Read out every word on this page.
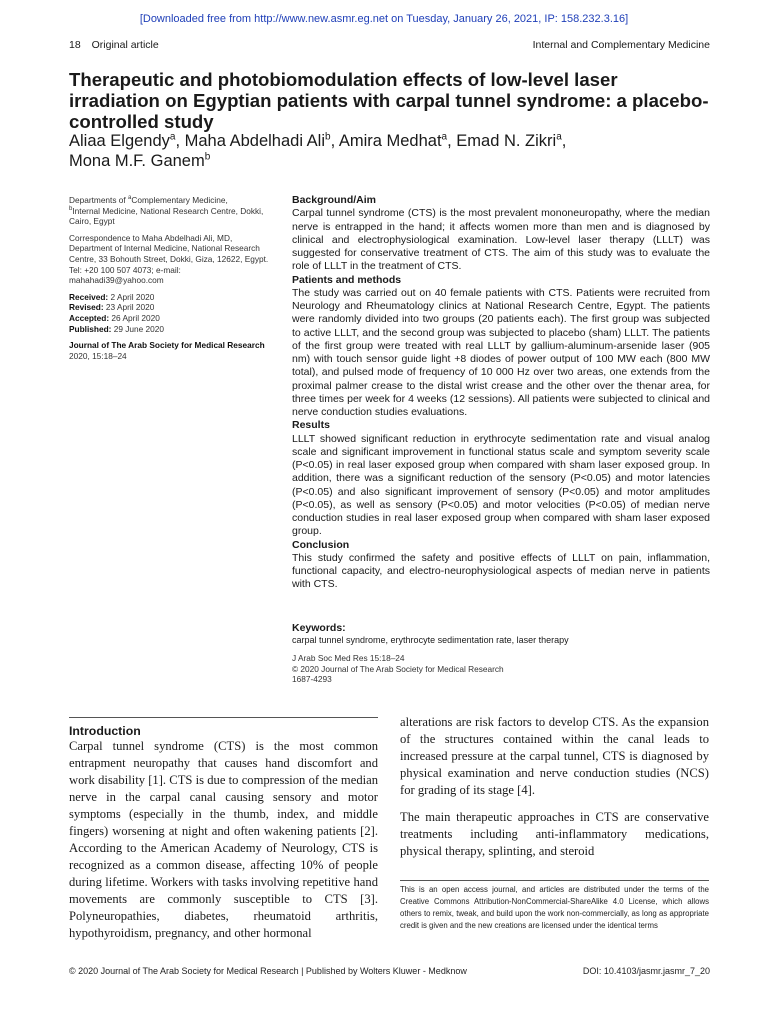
[Downloaded free from http://www.new.asmr.eg.net on Tuesday, January 26, 2021, IP: 158.232.3.16]
18 Original article	Internal and Complementary Medicine
Therapeutic and photobiomodulation effects of low-level laser irradiation on Egyptian patients with carpal tunnel syndrome: a placebo-controlled study
Aliaa Elgendy$^a$, Maha Abdelhadi Ali$^b$, Amira Medhat$^a$, Emad N. Zikri$^a$,
Mona M.F. Ganem$^b$

Departments of $^a$Complementary Medicine,
$^b$Internal Medicine, National Research Centre, Dokki, Cairo, Egypt

Correspondence to Maha Abdelhadi Ali, MD, Department of Internal Medicine, National Research Centre, 33 Bohouth Street, Dokki, Giza, 12622, Egypt. Tel: +20 100 507 4073; e-mail: mahahadi39@yahoo.com

Received: 2 April 2020
Revised: 23 April 2020
Accepted: 26 April 2020
Published: 29 June 2020

Journal of The Arab Society for Medical Research 2020, 15:18–24

Background/Aim
Carpal tunnel syndrome (CTS) is the most prevalent mononeuropathy, where the median nerve is entrapped in the hand; it affects women more than men and is diagnosed by clinical and electrophysiological examination. Low-level laser therapy (LLLT) was suggested for conservative treatment of CTS. The aim of this study was to evaluate the role of LLLT in the treatment of CTS.
Patients and methods
The study was carried out on 40 female patients with CTS. Patients were recruited from Neurology and Rheumatology clinics at National Research Centre, Egypt. The patients were randomly divided into two groups (20 patients each). The first group was subjected to active LLLT, and the second group was subjected to placebo (sham) LLLT. The patients of the first group were treated with real LLLT by gallium-aluminum-arsenide laser (905 nm) with touch sensor guide light +8 diodes of power output of 100 MW each (800 MW total), and pulsed mode of frequency of 10 000 Hz over two areas, one extends from the proximal palmer crease to the distal wrist crease and the other over the thenar area, for three times per week for 4 weeks (12 sessions). All patients were subjected to clinical and nerve conduction studies evaluations.
Results
LLLT showed significant reduction in erythrocyte sedimentation rate and visual analog scale and significant improvement in functional status scale and symptom severity scale (P<0.05) in real laser exposed group when compared with sham laser exposed group. In addition, there was a significant reduction of the sensory (P<0.05) and motor latencies (P<0.05) and also significant improvement of sensory (P<0.05) and motor amplitudes (P<0.05), as well as sensory (P<0.05) and motor velocities (P<0.05) of median nerve conduction studies in real laser exposed group when compared with sham laser exposed group.
Conclusion
This study confirmed the safety and positive effects of LLLT on pain, inflammation, functional capacity, and electro-neurophysiological aspects of median nerve in patients with CTS.
Keywords:
carpal tunnel syndrome, erythrocyte sedimentation rate, laser therapy
J Arab Soc Med Res 15:18–24
© 2020 Journal of The Arab Society for Medical Research
1687-4293
Introduction
Carpal tunnel syndrome (CTS) is the most common entrapment neuropathy that causes hand discomfort and work disability [1]. CTS is due to compression of the median nerve in the carpal canal causing sensory and motor symptoms (especially in the thumb, index, and middle fingers) worsening at night and often wakening patients [2]. According to the American Academy of Neurology, CTS is recognized as a common disease, affecting 10% of people during lifetime. Workers with tasks involving repetitive hand movements are commonly susceptible to CTS [3]. Polyneuropathies, diabetes, rheumatoid arthritis, hypothyroidism, pregnancy, and other hormonal

alterations are risk factors to develop CTS. As the expansion of the structures contained within the canal leads to increased pressure at the carpal tunnel, CTS is diagnosed by physical examination and nerve conduction studies (NCS) for grading of its stage [4].

The main therapeutic approaches in CTS are conservative treatments including anti-inflammatory medications, physical therapy, splinting, and steroid

This is an open access journal, and articles are distributed under the terms of the Creative Commons Attribution-NonCommercial-ShareAlike 4.0 License, which allows others to remix, tweak, and build upon the work non-commercially, as long as appropriate credit is given and the new creations are licensed under the identical terms
© 2020 Journal of The Arab Society for Medical Research | Published by Wolters Kluwer - Medknow	DOI: 10.4103/jasmr.jasmr_7_20
